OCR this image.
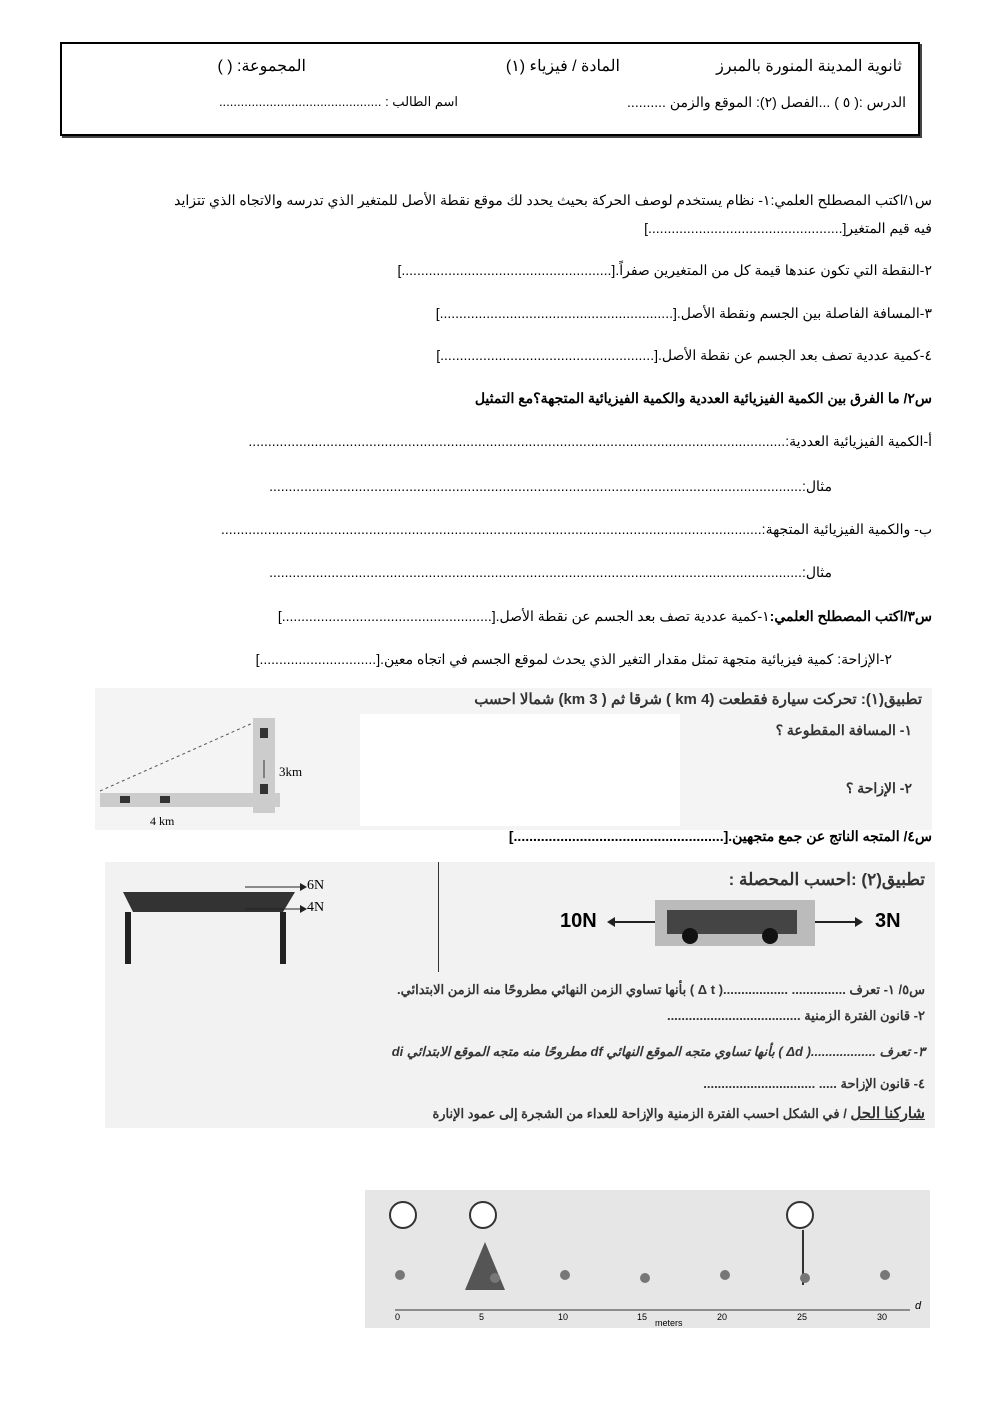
ثانوية المدينة المنورة بالمبرز
المادة / فيزياء (١)
المجموعة: ( )
الدرس :( ٥ ) ...الفصل (٢): الموقع والزمن ..........
اسم الطالب : .............................................
س١/اكتب المصطلح العلمي:١- نظام يستخدم لوصف الحركة بحيث يحدد لك موقع نقطة الأصل للمتغير الذي تدرسه والاتجاه الذي تتزايد
فيه قيم المتغير[..................................................]
٢-النقطة التي تكون عندها قيمة كل من المتغيرين صفراً.[......................................................]
٣-المسافة الفاصلة بين الجسم ونقطة الأصل.[............................................................]
٤-كمية عددية تصف بعد الجسم عن نقطة الأصل.[.......................................................]
س٢/ ما الفرق بين الكمية الفيزيائية العددية والكمية الفيزيائية المتجهة؟مع التمثيل
أ-الكمية الفيزيائية العددية:..........................................................................................................................................
مثال:.........................................................................................................................................
ب- والكمية الفيزيائية المتجهة:...........................................................................................................................................
مثال:.........................................................................................................................................
س٣/اكتب المصطلح العلمي:١-كمية عددية تصف بعد الجسم عن نقطة الأصل.[......................................................]
٢-الإزاحة: كمية فيزيائية متجهة تمثل مقدار التغير الذي يحدث لموقع الجسم في اتجاه معين.[..............................]
تطبيق(١): تحركت سيارة فقطعت (4 km ) شرقا ثم ( 3 km) شمالا احسب
١- المسافة المقطوعة ؟
٢- الإزاحة ؟
3km
4 km
س٤/ المتجه الناتج عن جمع متجهين.[......................................................]
6N
4N
تطبيق(٢) :احسب المحصلة :
10N	3N
س٥/ ١- تعرف ............... ..................( Δ t ) بأنها تساوي الزمن النهائي مطروحًا منه الزمن الابتدائي.
٢- قانون الفترة الزمنية .....................................
٣- تعرف ..................( Δd ) بأنها تساوي متجه الموقع النهائي df مطروحًا منه متجه الموقع الابتدائي di
٤- قانون الإزاحة ..... ...............................
شاركنا الحل / في الشكل احسب الفترة الزمنية والإزاحة للعداء من الشجرة إلى عمود الإنارة
0	5	10	15	20	25	30
meters
d
